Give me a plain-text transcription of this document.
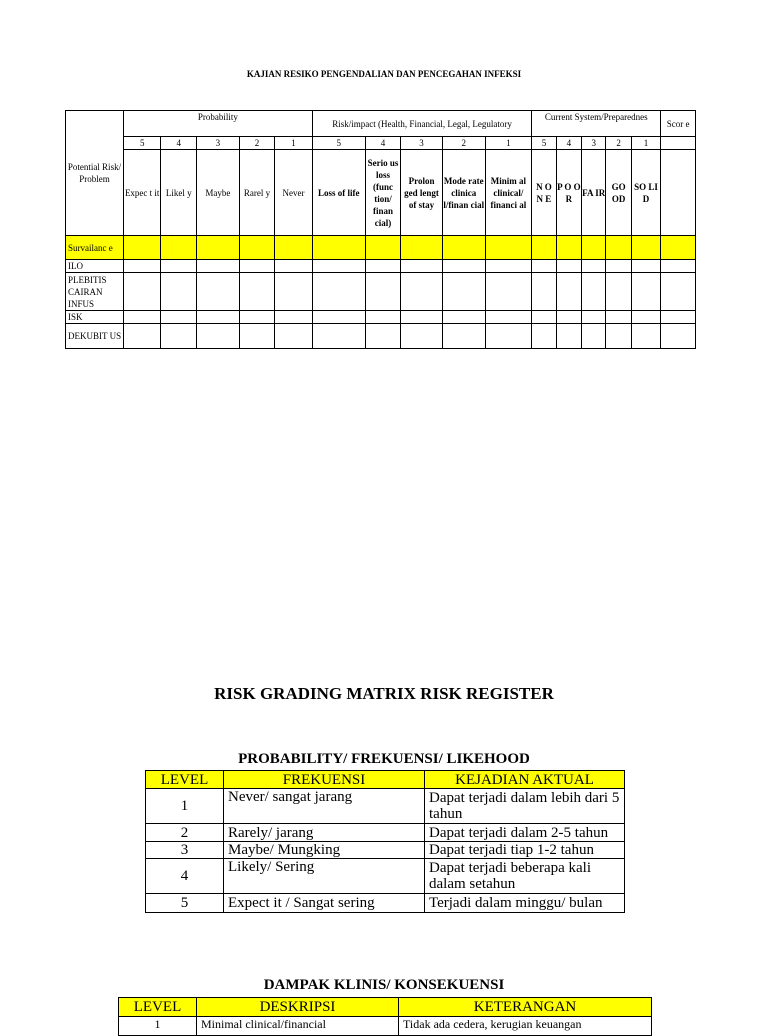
KAJIAN RESIKO PENGENDALIAN DAN PENCEGAHAN INFEKSI
Potential Risk/ Problem	Probability					Risk/impact (Health, Financial, Legal, Legulatory					Current System/Preparednes					Scor e
	5	4	3	2	1	5	4	3	2	1	5	4	3	2	1	
	Expec t it	Likel y	Maybe	Rarel y	Never	Loss of life	Serio us loss (func tion/ finan cial)	Prolon ged lengt of stay	Mode rate clinica l/finan cial	Minim al clinical/ financi al	N O N E	P O O R	FA IR	GO OD	SO LI D	
Survailanc e																
ILO																
PLEBITIS CAIRAN INFUS																
ISK																
DEKUBIT US																
RISK GRADING MATRIX RISK REGISTER
PROBABILITY/ FREKUENSI/ LIKEHOOD
LEVEL	FREKUENSI	KEJADIAN AKTUAL
1	Never/ sangat jarang	Dapat terjadi dalam lebih dari 5 tahun
2	Rarely/ jarang	Dapat terjadi dalam 2-5 tahun
3	Maybe/ Mungking	Dapat terjadi tiap 1-2 tahun
4	Likely/ Sering	Dapat terjadi beberapa kali dalam setahun
5	Expect it / Sangat sering	Terjadi dalam minggu/ bulan
DAMPAK KLINIS/ KONSEKUENSI
LEVEL	DESKRIPSI	KETERANGAN
1	Minimal clinical/financial	Tidak ada cedera, kerugian keuangan
